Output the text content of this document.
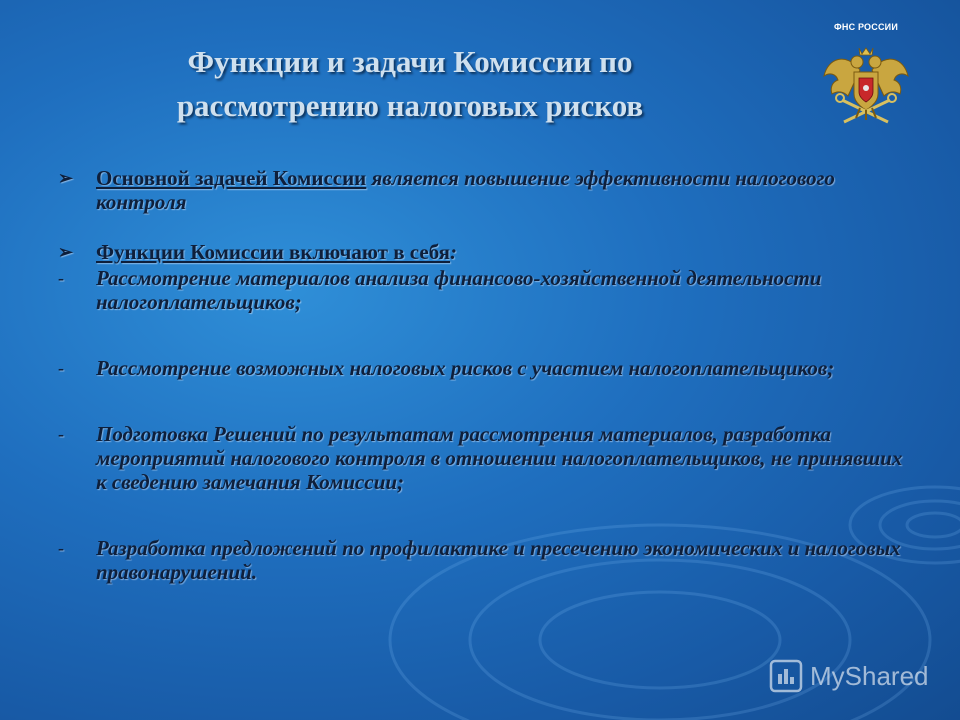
Функции и задачи Комиссии по
рассмотрению налоговых рисков
ФНС РОССИИ
➢ Основной задачей Комиссии является повышение эффективности налогового контроля
➢ Функции Комиссии включают в себя:
- Рассмотрение материалов анализа финансово-хозяйственной деятельности налогоплательщиков;
- Рассмотрение возможных налоговых рисков с участием налогоплательщиков;
- Подготовка Решений по результатам рассмотрения материалов, разработка мероприятий налогового контроля в отношении налогоплательщиков, не принявших к сведению замечания Комиссии;
- Разработка предложений по профилактике и пресечению экономических и налоговых правонарушений.
MyShared
